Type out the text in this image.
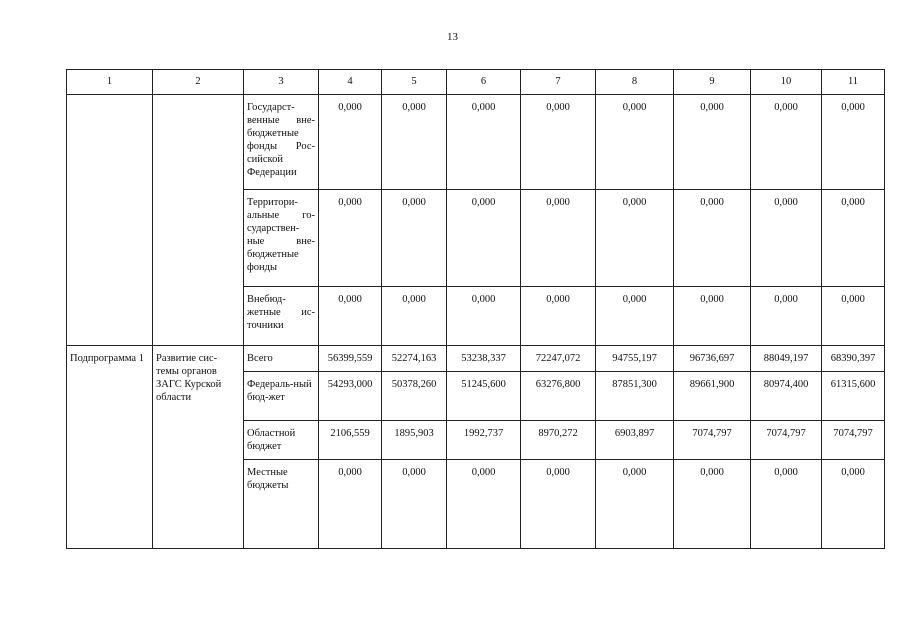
13
1	2	3	4	5	6	7	8	9	10	11
		Государст-венные вне-бюджетные фонды Рос-сийской Федерации	0,000	0,000	0,000	0,000	0,000	0,000	0,000	0,000
		Территори-альные го-сударствен-ные вне-бюджетные фонды	0,000	0,000	0,000	0,000	0,000	0,000	0,000	0,000
		Внебюд-жетные ис-точники	0,000	0,000	0,000	0,000	0,000	0,000	0,000	0,000
Подпрограмма 1	Развитие сис-темы органов ЗАГС Курской области	Всего	56399,559	52274,163	53238,337	72247,072	94755,197	96736,697	88049,197	68390,397
		Федераль-ный бюд-жет	54293,000	50378,260	51245,600	63276,800	87851,300	89661,900	80974,400	61315,600
		Областной бюджет	2106,559	1895,903	1992,737	8970,272	6903,897	7074,797	7074,797	7074,797
		Местные бюджеты	0,000	0,000	0,000	0,000	0,000	0,000	0,000	0,000
